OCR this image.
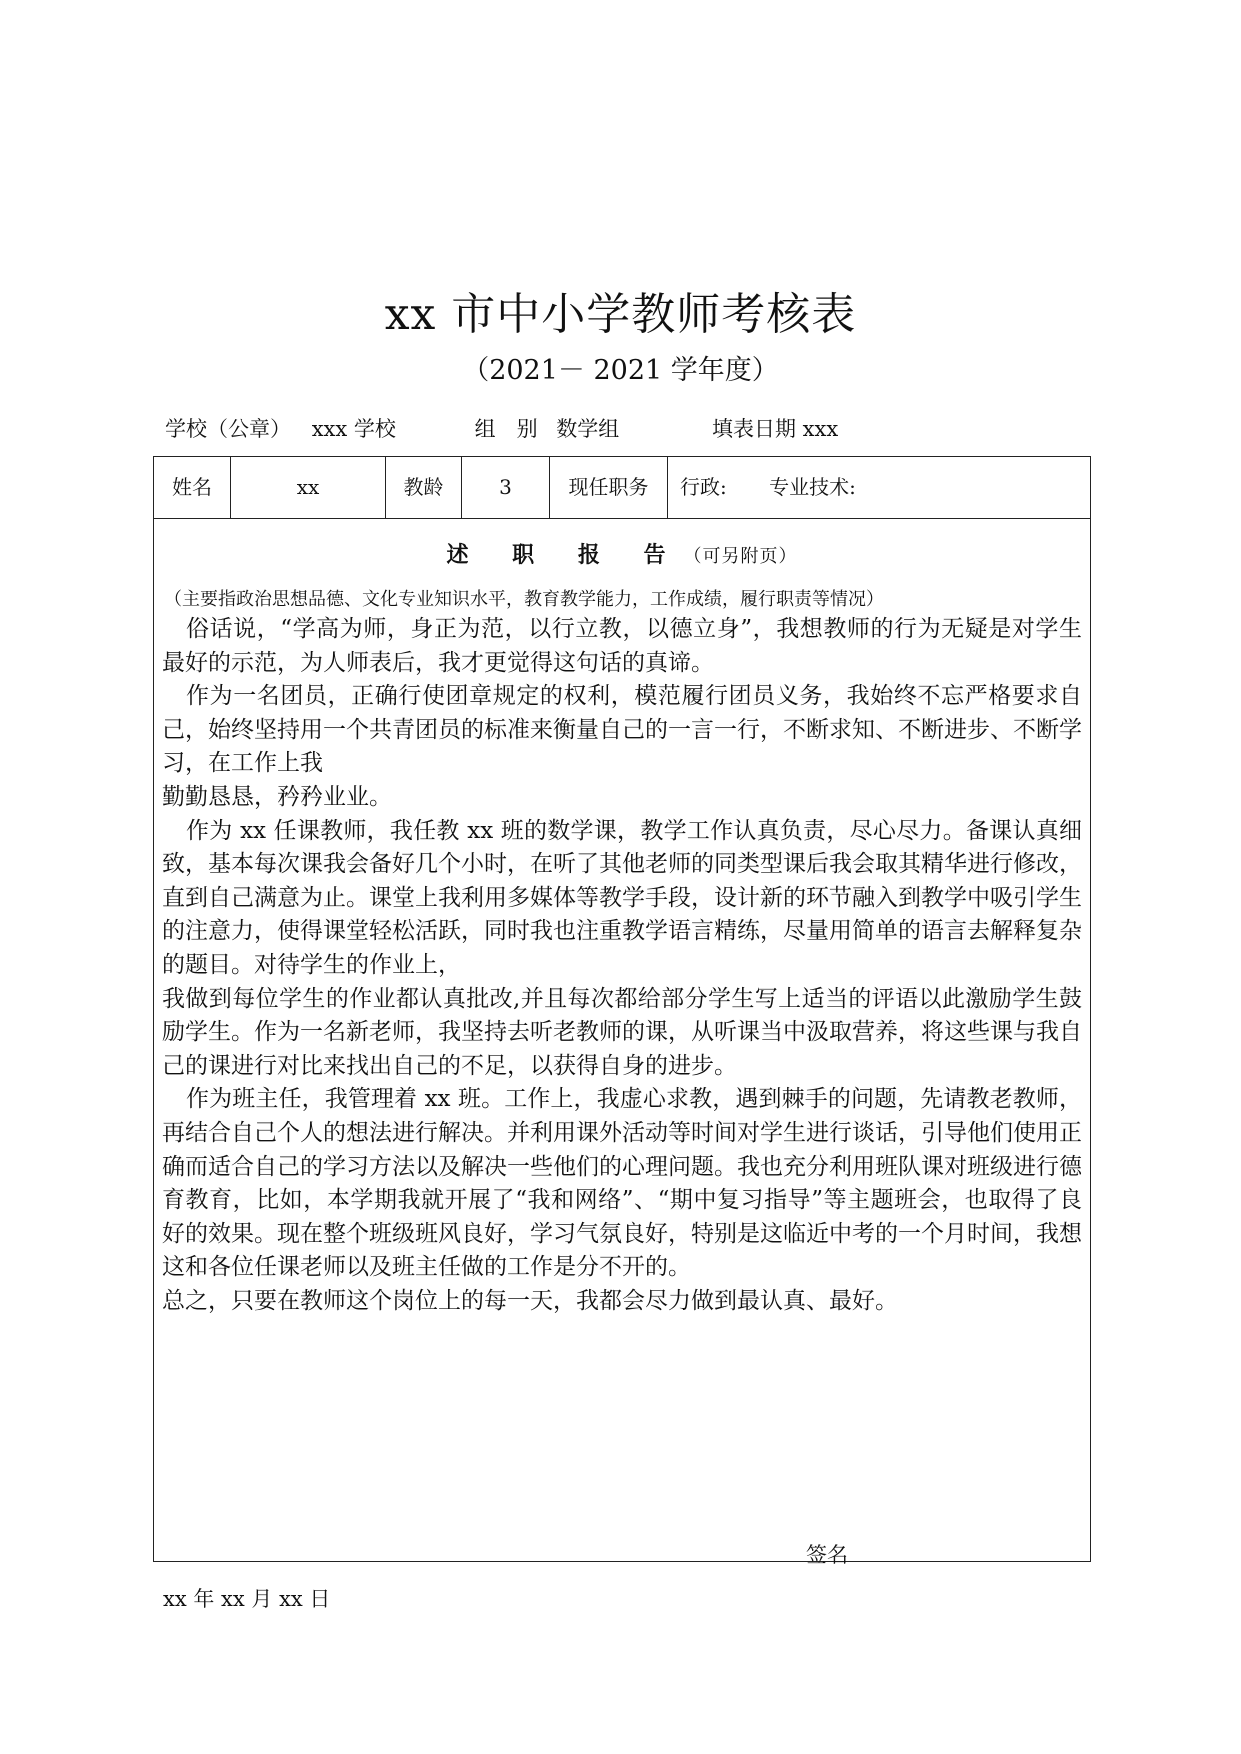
xx 市中小学教师考核表
（2021－ 2021 学年度）
学校（公章） xxx 学校	组　别 数学组	填表日期 xxx
姓名	xx	教龄	3	现任职务	行政: 专业技术:
述 职 报 告（可另附页）
（主要指政治思想品德、文化专业知识水平，教育教学能力，工作成绩，履行职责等情况）

俗话说，“学高为师，身正为范，以行立教，以德立身”，我想教师的行为无疑是对学生最好的示范，为人师表后，我才更觉得这句话的真谛。

作为一名团员，正确行使团章规定的权利，模范履行团员义务，我始终不忘严格要求自己，始终坚持用一个共青团员的标准来衡量自己的一言一行，不断求知、不断进步、不断学习，在工作上我

勤勤恳恳，矜矜业业。

作为 xx 任课教师，我任教 xx 班的数学课，教学工作认真负责，尽心尽力。备课认真细致，基本每次课我会备好几个小时，在听了其他老师的同类型课后我会取其精华进行修改，直到自己满意为止。课堂上我利用多媒体等教学手段，设计新的环节融入到教学中吸引学生的注意力，使得课堂轻松活跃，同时我也注重教学语言精练，尽量用简单的语言去解释复杂的题目。对待学生的作业上，

我做到每位学生的作业都认真批改,并且每次都给部分学生写上适当的评语以此激励学生鼓励学生。作为一名新老师，我坚持去听老教师的课，从听课当中汲取营养，将这些课与我自己的课进行对比来找出自己的不足，以获得自身的进步。

作为班主任，我管理着 xx 班。工作上，我虚心求教，遇到棘手的问题，先请教老教师，再结合自己个人的想法进行解决。并利用课外活动等时间对学生进行谈话，引导他们使用正确而适合自己的学习方法以及解决一些他们的心理问题。我也充分利用班队课对班级进行德育教育，比如，本学期我就开展了“我和网络”、“期中复习指导”等主题班会，也取得了良好的效果。现在整个班级班风良好，学习气氛良好，特别是这临近中考的一个月时间，我想这和各位任课老师以及班主任做的工作是分不开的。

总之，只要在教师这个岗位上的每一天，我都会尽力做到最认真、最好。

签名
xx 年 xx 月 xx 日
